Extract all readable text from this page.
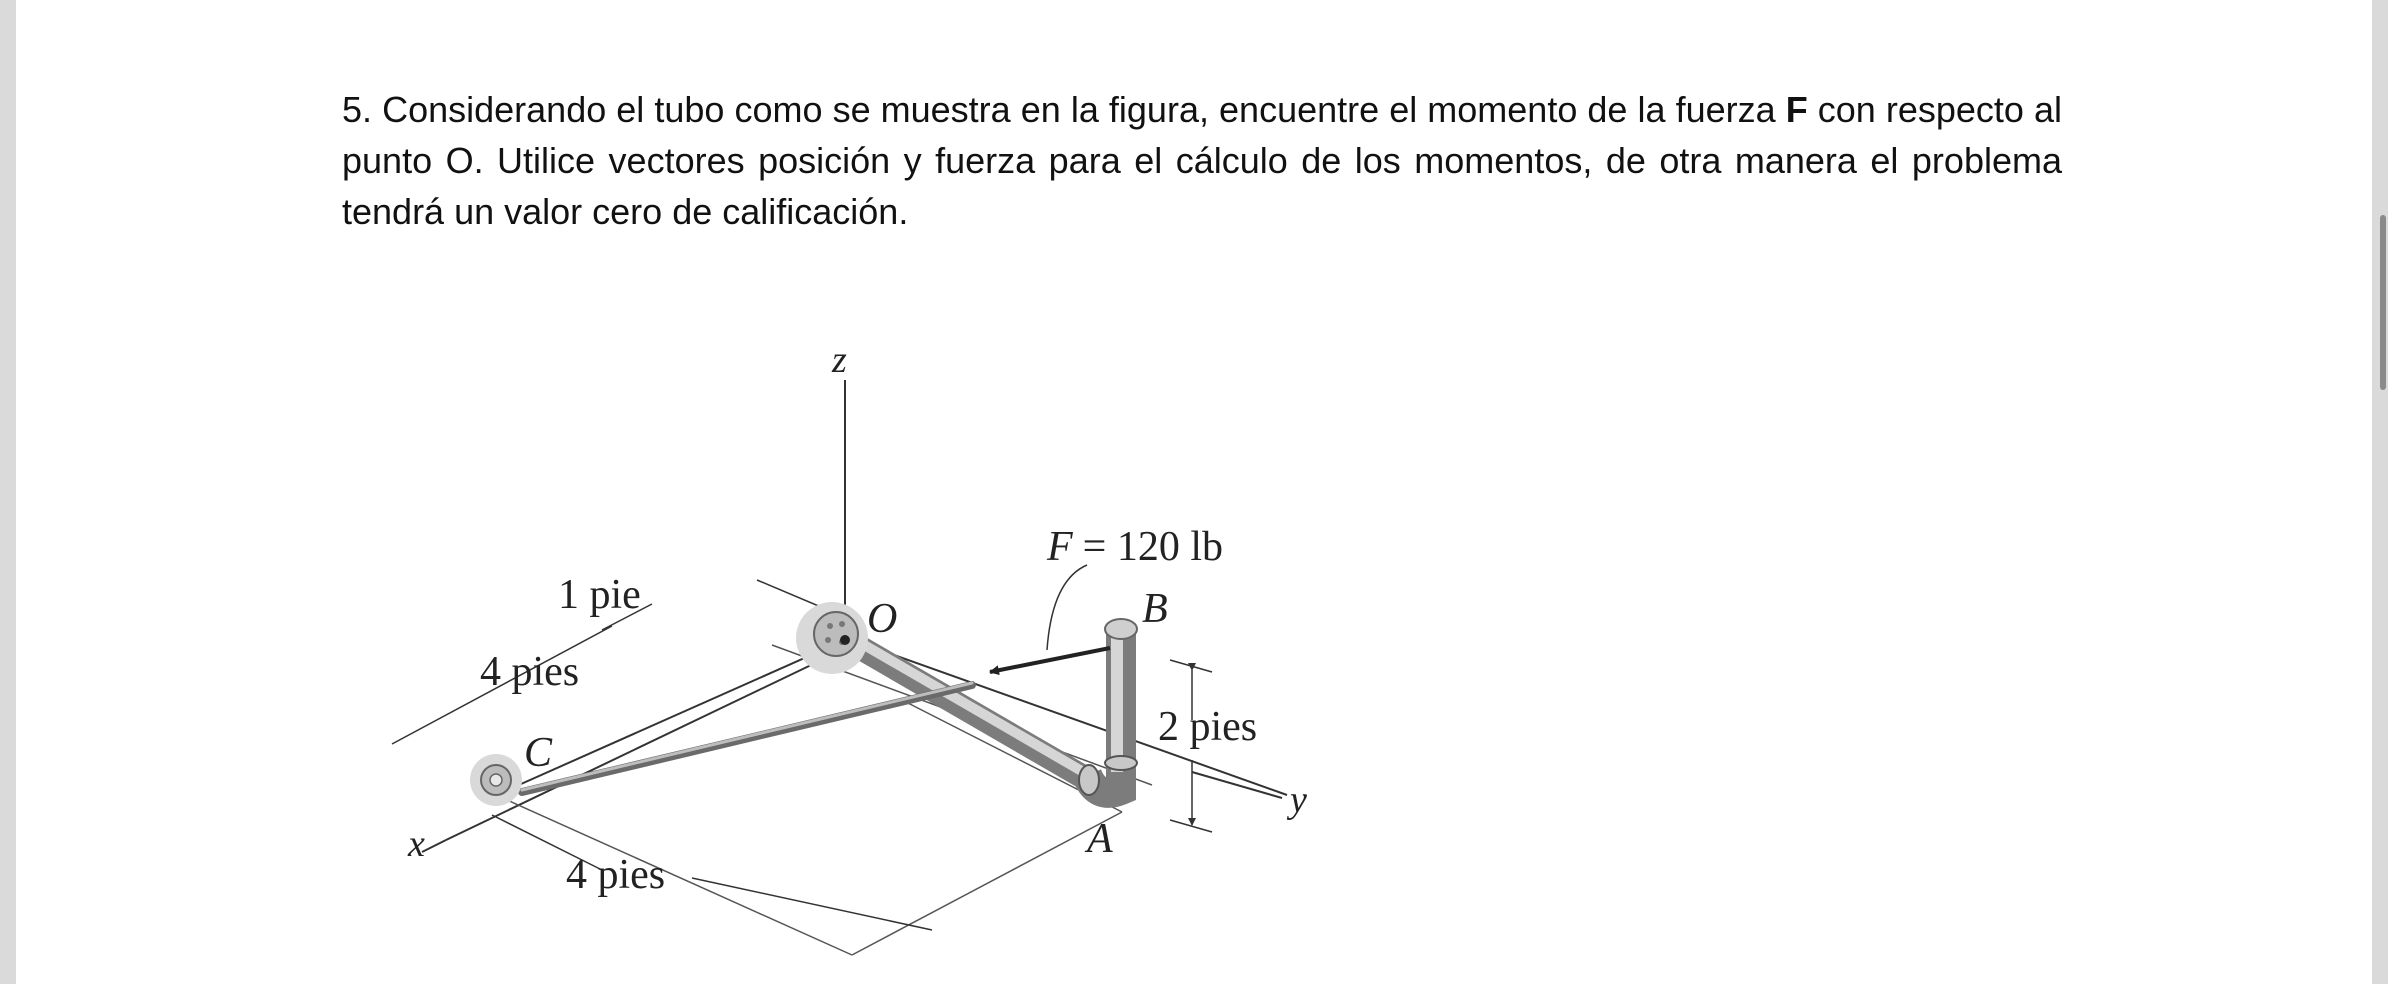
5. Considerando el tubo como se muestra en la figura, encuentre el momento de la fuerza F con respecto al punto O. Utilice vectores posición y fuerza para el cálculo de los momentos, de otra manera el problema tendrá un valor cero de calificación.

z
x
y
O	B
C
A
F = 120 lb
1 pie
4 pies
4 pies
2 pies
